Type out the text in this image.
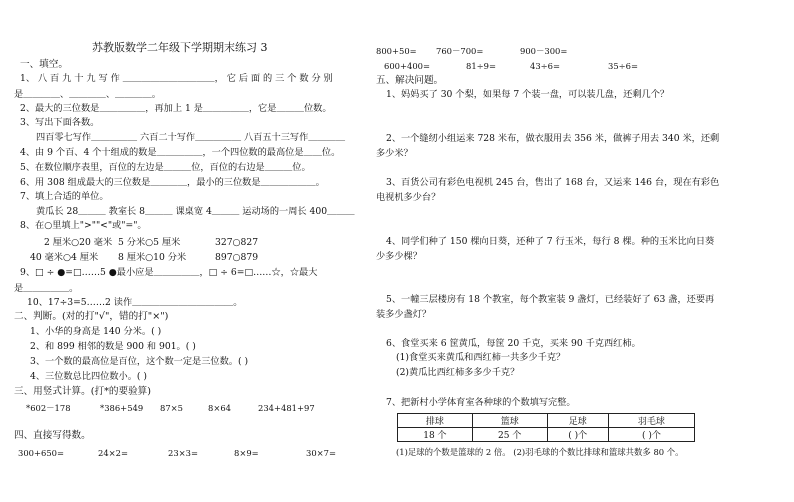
苏教版数学二年级下学期期末练习 3
一、填空。
1、 八 百 九 十 九 写 作 ＿＿＿＿＿＿＿＿＿＿， 它 后 面 的 三 个 数 分 别
是＿＿＿＿、＿＿＿＿、＿＿＿＿。
2、最大的三位数是＿＿＿＿＿，再加上 1 是＿＿＿＿＿，它是＿＿＿位数。
3、写出下面各数。
四百零七写作＿＿＿＿＿ 六百二十写作＿＿＿＿＿ 八百五十三写作＿＿＿＿
4、由 9 个百、4 个十组成的数是＿＿＿＿＿，一个四位数的最高位是＿＿位。
5、在数位顺序表里，百位的左边是＿＿＿位，百位的右边是＿＿＿位。
6、用 308 组成最大的三位数是＿＿＿＿，最小的三位数是＿＿＿＿＿＿。
7、填上合适的单位。
黄瓜长 28＿＿＿ 教室长 8＿＿＿ 课桌宽 4＿＿＿ 运动场的一周长 400＿＿＿
8、在○里填上">""<"或"="。
2 厘米○20 毫米 5 分米○5 厘米	327○827
40 毫米○4 厘米 8 厘米○10 分米	897○879
9、□ ÷ ●=□……5 ●最小应是＿＿＿＿＿，□ ÷ 6=□……☆，☆最大
是＿＿＿＿＿。
10、17÷3=5……2 读作＿＿＿＿＿＿＿＿＿＿＿。
二、判断。(对的打"√"，错的打"×")
1、小华的身高是 140 分米。( )
2、和 899 相邻的数是 900 和 901。( )
3、一个数的最高位是百位，这个数一定是三位数。( )
4、三位数总比四位数小。( )
三、用竖式计算。(打*的要验算)
*602－178	*386+549 87×5	8×64	234+481+97
四、直接写得数。
300+650=	24×2=	23×3=	8×9=	30×7=
800+50= 760－700=	900－300=
600+400=	81÷9=	43÷6=	35÷6=
五、解决问题。
1、妈妈买了 30 个梨，如果每 7 个装一盘，可以装几盘，还剩几个？
2、一个缝纫小组运来 728 米布，做衣服用去 356 米，做裤子用去 340 米，还剩
多少米？
3、百货公司有彩色电视机 245 台，售出了 168 台，又运来 146 台，现在有彩色
电视机多少台？
4、同学们种了 150 棵向日葵，还种了 7 行玉米，每行 8 棵。种的玉米比向日葵
少多少棵？
5、一幢三层楼房有 18 个教室，每个教室装 9 盏灯，已经装好了 63 盏，还要再
装多少盏灯？
6、食堂买来 6 筐黄瓜，每筐 20 千克，买来 90 千克西红柿。
(1)食堂买来黄瓜和西红柿一共多少千克？
(2)黄瓜比西红柿多多少千克？
7、把新村小学体育室各种球的个数填写完整。
排球	篮球	足球	羽毛球
18 个	25 个	( )个	( )个
(1)足球的个数是篮球的 2 倍。 (2)羽毛球的个数比排球和篮球共数多 80 个。
